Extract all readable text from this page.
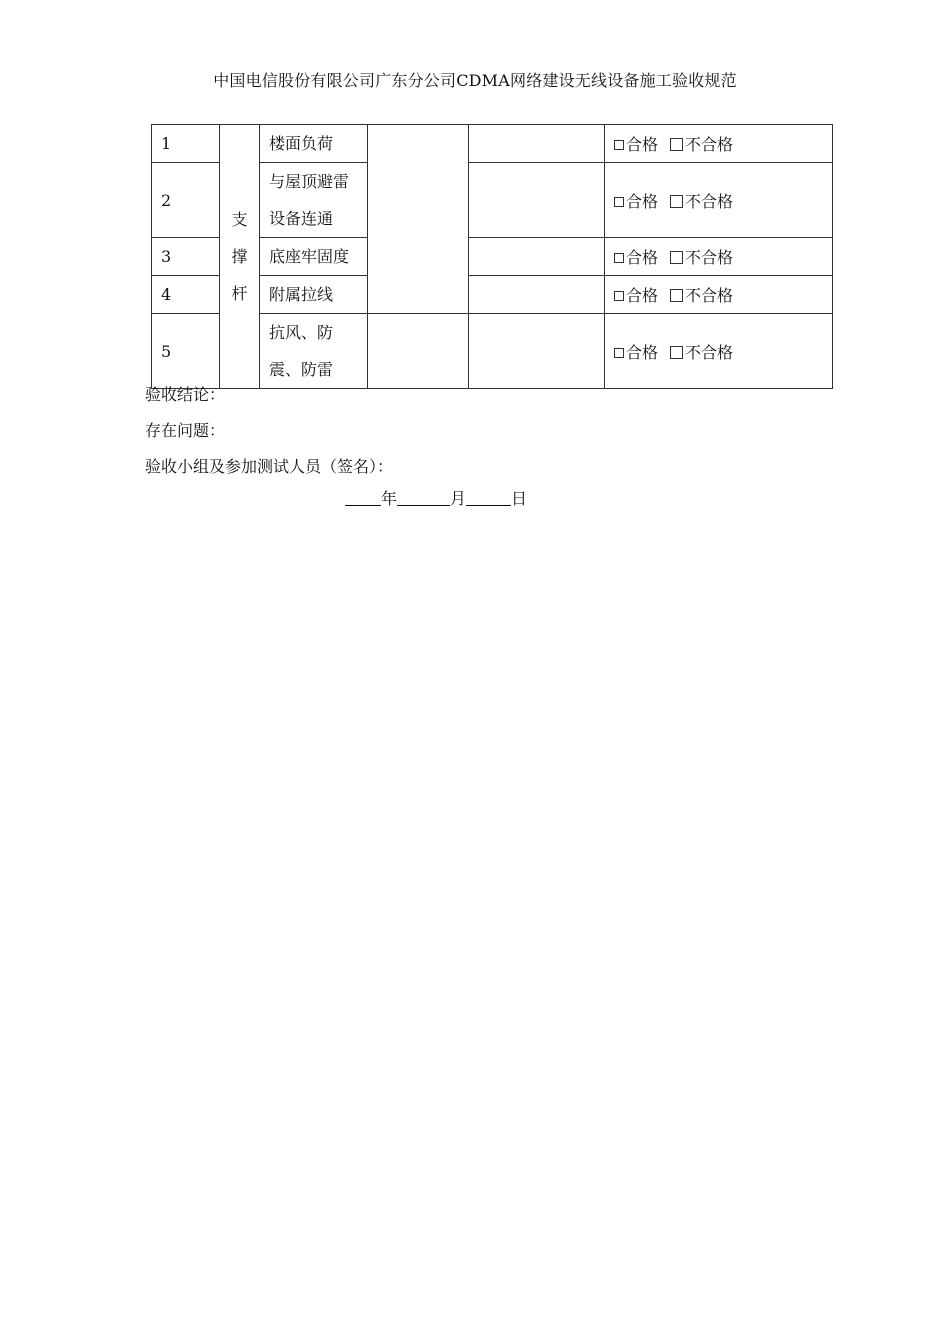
中国电信股份有限公司广东分公司CDMA网络建设无线设备施工验收规范
1	支撑杆	楼面负荷			合格 不合格
2		与屋顶避雷设备连通			合格 不合格
3		底座牢固度			合格 不合格
4		附属拉线			合格 不合格
5		抗风、防震、防雷			合格 不合格
验收结论：
存在问题：
验收小组及参加测试人员（签名）：
年	月	日
